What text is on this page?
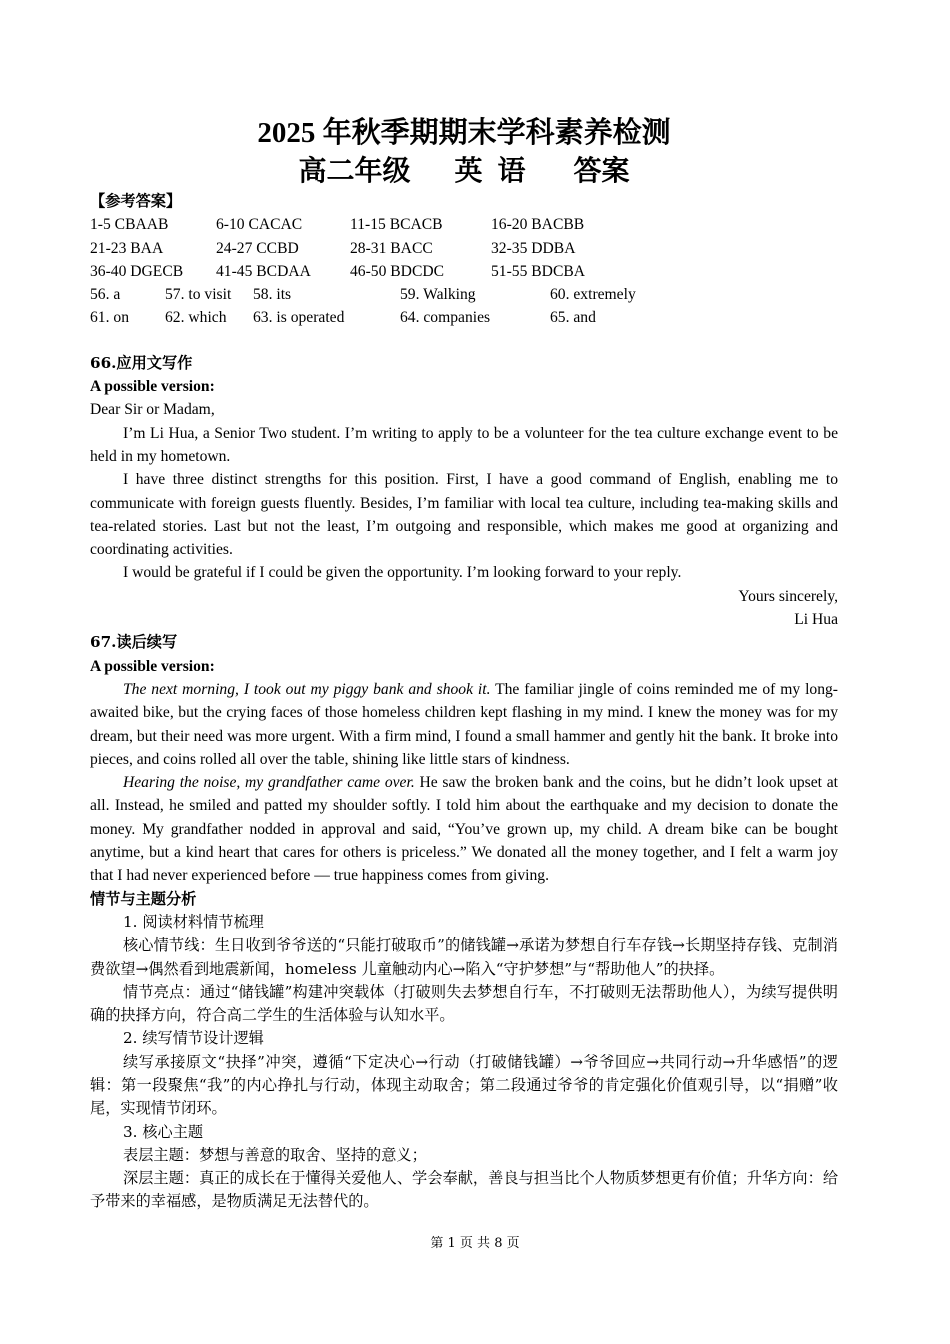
2025 年秋季期期末学科素养检测
高二年级 英 语 答案
【参考答案】
1-5 CBAAB	6-10 CACAC	11-15 BCACB	16-20 BACBB
21-23 BAA	24-27 CCBD	28-31 BACC	32-35 DDBA
36-40 DGECB	41-45 BCDAA	46-50 BDCDC	51-55 BDCBA
56. a	57. to visit	58. its	59. Walking	60. extremely
61. on	62. which	63. is operated	64. companies	65. and
66.应用文写作
A possible version:
Dear Sir or Madam,

I’m Li Hua, a Senior Two student. I’m writing to apply to be a volunteer for the tea culture exchange event to be held in my hometown.

I have three distinct strengths for this position. First, I have a good command of English, enabling me to communicate with foreign guests fluently. Besides, I’m familiar with local tea culture, including tea-making skills and tea-related stories. Last but not the least, I’m outgoing and responsible, which makes me good at organizing and coordinating activities.

I would be grateful if I could be given the opportunity. I’m looking forward to your reply.

Yours sincerely,
Li Hua
67.读后续写
A possible version:

The next morning, I took out my piggy bank and shook it. The familiar jingle of coins reminded me of my long-awaited bike, but the crying faces of those homeless children kept flashing in my mind. I knew the money was for my dream, but their need was more urgent. With a firm mind, I found a small hammer and gently hit the bank. It broke into pieces, and coins rolled all over the table, shining like little stars of kindness.

Hearing the noise, my grandfather came over. He saw the broken bank and the coins, but he didn’t look upset at all. Instead, he smiled and patted my shoulder softly. I told him about the earthquake and my decision to donate the money. My grandfather nodded in approval and said, “You’ve grown up, my child. A dream bike can be bought anytime, but a kind heart that cares for others is priceless.” We donated all the money together, and I felt a warm joy that I had never experienced before — true happiness comes from giving.

情节与主题分析

1. 阅读材料情节梳理

核心情节线：生日收到爷爷送的“只能打破取币”的储钱罐→承诺为梦想自行车存钱→长期坚持存钱、克制消费欲望→偶然看到地震新闻，homeless 儿童触动内心→陷入“守护梦想”与“帮助他人”的抉择。

情节亮点：通过“储钱罐”构建冲突载体（打破则失去梦想自行车，不打破则无法帮助他人），为续写提供明确的抉择方向，符合高二学生的生活体验与认知水平。

2. 续写情节设计逻辑

续写承接原文“抉择”冲突，遵循“下定决心→行动（打破储钱罐）→爷爷回应→共同行动→升华感悟”的逻辑：第一段聚焦“我”的内心挣扎与行动，体现主动取舍；第二段通过爷爷的肯定强化价值观引导，以“捐赠”收尾，实现情节闭环。

3. 核心主题

表层主题：梦想与善意的取舍、坚持的意义；

深层主题：真正的成长在于懂得关爱他人、学会奉献，善良与担当比个人物质梦想更有价值；升华方向：给予带来的幸福感，是物质满足无法替代的。

第 1 页 共 8 页
